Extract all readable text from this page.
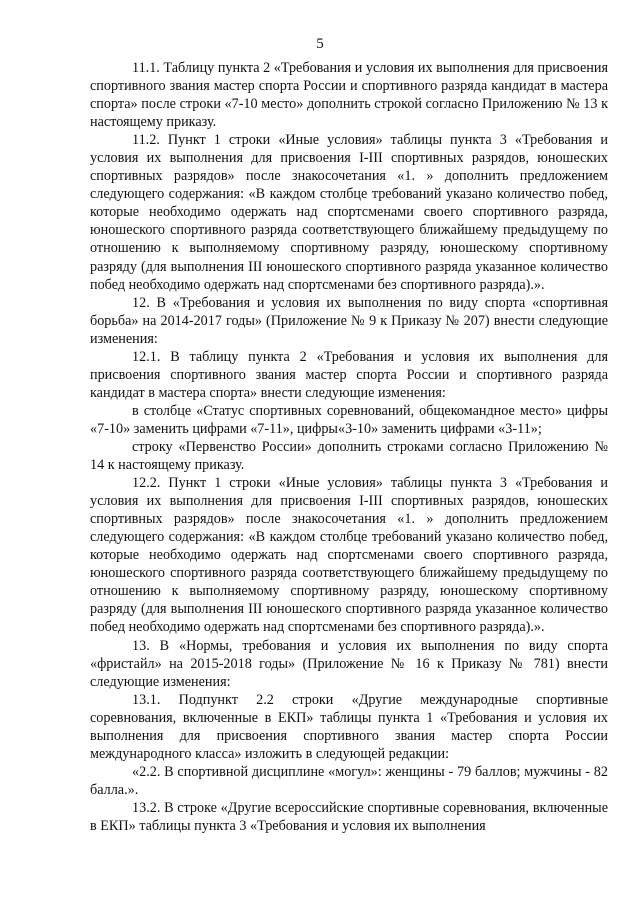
5

11.1. Таблицу пункта 2 «Требования и условия их выполнения для присвоения спортивного звания мастер спорта России и спортивного разряда кандидат в мастера спорта» после строки «7-10 место» дополнить строкой согласно Приложению № 13 к настоящему приказу.

11.2. Пункт 1 строки «Иные условия» таблицы пункта 3 «Требования и условия их выполнения для присвоения I-III спортивных разрядов, юношеских спортивных разрядов» после знакосочетания «1. » дополнить предложением следующего содержания: «В каждом столбце требований указано количество побед, которые необходимо одержать над спортсменами своего спортивного разряда, юношеского спортивного разряда соответствующего ближайшему предыдущему по отношению к выполняемому спортивному разряду, юношескому спортивному разряду (для выполнения III юношеского спортивного разряда указанное количество побед необходимо одержать над спортсменами без спортивного разряда).».

12. В «Требования и условия их выполнения по виду спорта «спортивная борьба» на 2014-2017 годы» (Приложение № 9 к Приказу № 207) внести следующие изменения:

12.1. В таблицу пункта 2 «Требования и условия их выполнения для присвоения спортивного звания мастер спорта России и спортивного разряда кандидат в мастера спорта» внести следующие изменения:

в столбце «Статус спортивных соревнований, общекомандное место» цифры «7-10» заменить цифрами «7-11», цифры«3-10» заменить цифрами «3-11»;

строку «Первенство России» дополнить строками согласно Приложению № 14 к настоящему приказу.

12.2. Пункт 1 строки «Иные условия» таблицы пункта 3 «Требования и условия их выполнения для присвоения I-III спортивных разрядов, юношеских спортивных разрядов» после знакосочетания «1. » дополнить предложением следующего содержания: «В каждом столбце требований указано количество побед, которые необходимо одержать над спортсменами своего спортивного разряда, юношеского спортивного разряда соответствующего ближайшему предыдущему по отношению к выполняемому спортивному разряду, юношескому спортивному разряду (для выполнения III юношеского спортивного разряда указанное количество побед необходимо одержать над спортсменами без спортивного разряда).».

13. В «Нормы, требования и условия их выполнения по виду спорта «фристайл» на 2015-2018 годы» (Приложение № 16 к Приказу № 781) внести следующие изменения:

13.1. Подпункт 2.2 строки «Другие международные спортивные соревнования, включенные в ЕКП» таблицы пункта 1 «Требования и условия их выполнения для присвоения спортивного звания мастер спорта России международного класса» изложить в следующей редакции:

«2.2. В спортивной дисциплине «могул»: женщины - 79 баллов; мужчины - 82 балла.».

13.2. В строке «Другие всероссийские спортивные соревнования, включенные в ЕКП» таблицы пункта 3 «Требования и условия их выполнения
